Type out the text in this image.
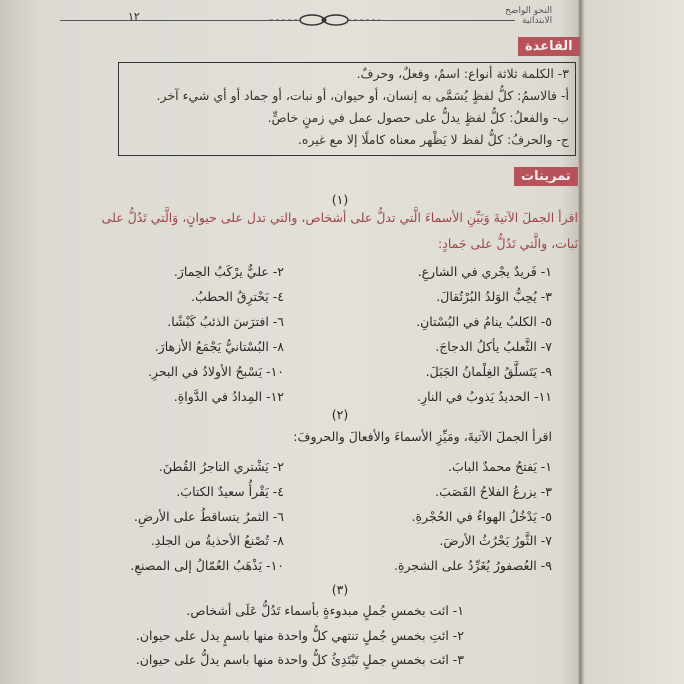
١٢	النحو الواضح
الابتدائية
القاعدة
٣- الكلمة ثلاثة أنواع: اسمٌ، وفعلٌ، وحرفٌ.
أ- فالاسمُ: كلُّ لفظٍ يُسَمَّى به إنسان، أو حيوان، أو نبات، أو جماد أو أي شيء آخر.
ب- والفعلُ: كلُّ لفظٍ يدلُّ على حصول عمل في زمنٍ خاصٍّ.
ج- والحرفُ: كلُّ لفظ لا يَظْهر معناه كاملًا إلا مع غيره.
تمرينات
(١)
اقرأ الجملَ الآتيةَ وَبَيِّنِ الأسماءَ الَّتي تدلُّ على أشخاص، والتي تدل على حيوانٍ، وَالَّتي تَدُلُّ على
نَبات، والَّتي تَدُلُّ على جَمادٍ:
١- فَريدٌ يجْري في الشارعِ.
٣- يُحِبُّ الوَلدُ البُرْتُقالَ.
٥- الكلبُ ينامُ في البُسْتانِ.
٧- الثَّعلبُ يأكلُ الدجاجَ.
٩- يَتَسلَّقُ الغِلْمانُ الجَبَلَ.
١١- الحديدُ يَذوبُ في النارِ.
٢- عليٌّ يرْكَبُ الحِمارَ.
٤- يَحْترِقُ الحطبُ.
٦- افترَسَ الذئبُ كَبْشًا.
٨- البُسْتانيُّ يَجْمَعُ الأزهارَ.
١٠- يَسْبحُ الأولادُ في البحرِ.
١٢- المِدادُ في الدَّواةِ.
(٢)
اقرأ الجملَ الآتيةَ، ومَيِّزِ الأسماءَ والأفعالَ والحروفَ:
١- يَفتحُ محمدٌ البابَ.
٣- يزرعُ الفلاحُ القَصَبَ.
٥- يَدْخُلُ الهواءُ في الحُجْرةِ.
٧- الثَّورُ يَحْرُثُ الأرضَ.
٩- العُصفورُ يُغَرِّدُ على الشجرةِ.
٢- يَشْتري التاجرُ القُطنَ.
٤- يَقْرأُ سعيدٌ الكتابَ.
٦- الثمرُ يتساقطُ على الأرضِ.
٨- تُصْنعُ الأحذيةُ من الجلدِ.
١٠- يَذْهَبُ العُمّالُ إلى المصنعِ.
(٣)
١- ائت بخمسِ جُملٍ مبدوءةٍ بأسماء تَدُلُّ عَلَى أشخاص.
٢- ائتِ بخمسِ جُملٍ تنتهي كلُّ واحدة منها باسمٍ يدل على حيوان.
٣- ائت بخمسِ جملٍ تَبْتَدِئُ كلُّ واحدة منها باسم يدلُّ على حيوان.
